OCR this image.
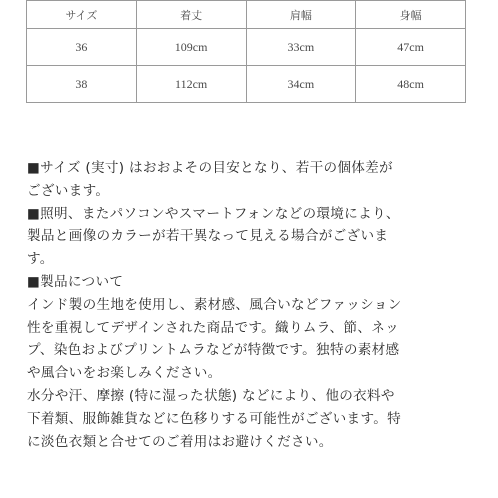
サイズ	着丈	肩幅	身幅
36	109cm	33cm	47cm
38	112cm	34cm	48cm

■サイズ (実寸) はおおよその目安となり、若干の個体差が

ございます。

■照明、またパソコンやスマートフォンなどの環境により、

製品と画像のカラーが若干異なって見える場合がございま

す。

■製品について

インド製の生地を使用し、素材感、風合いなどファッション

性を重視してデザインされた商品です。織りムラ、節、ネッ

プ、染色およびプリントムラなどが特徴です。独特の素材感

や風合いをお楽しみください。

水分や汗、摩擦 (特に湿った状態) などにより、他の衣料や

下着類、服飾雑貨などに色移りする可能性がございます。特

に淡色衣類と合せてのご着用はお避けください。
